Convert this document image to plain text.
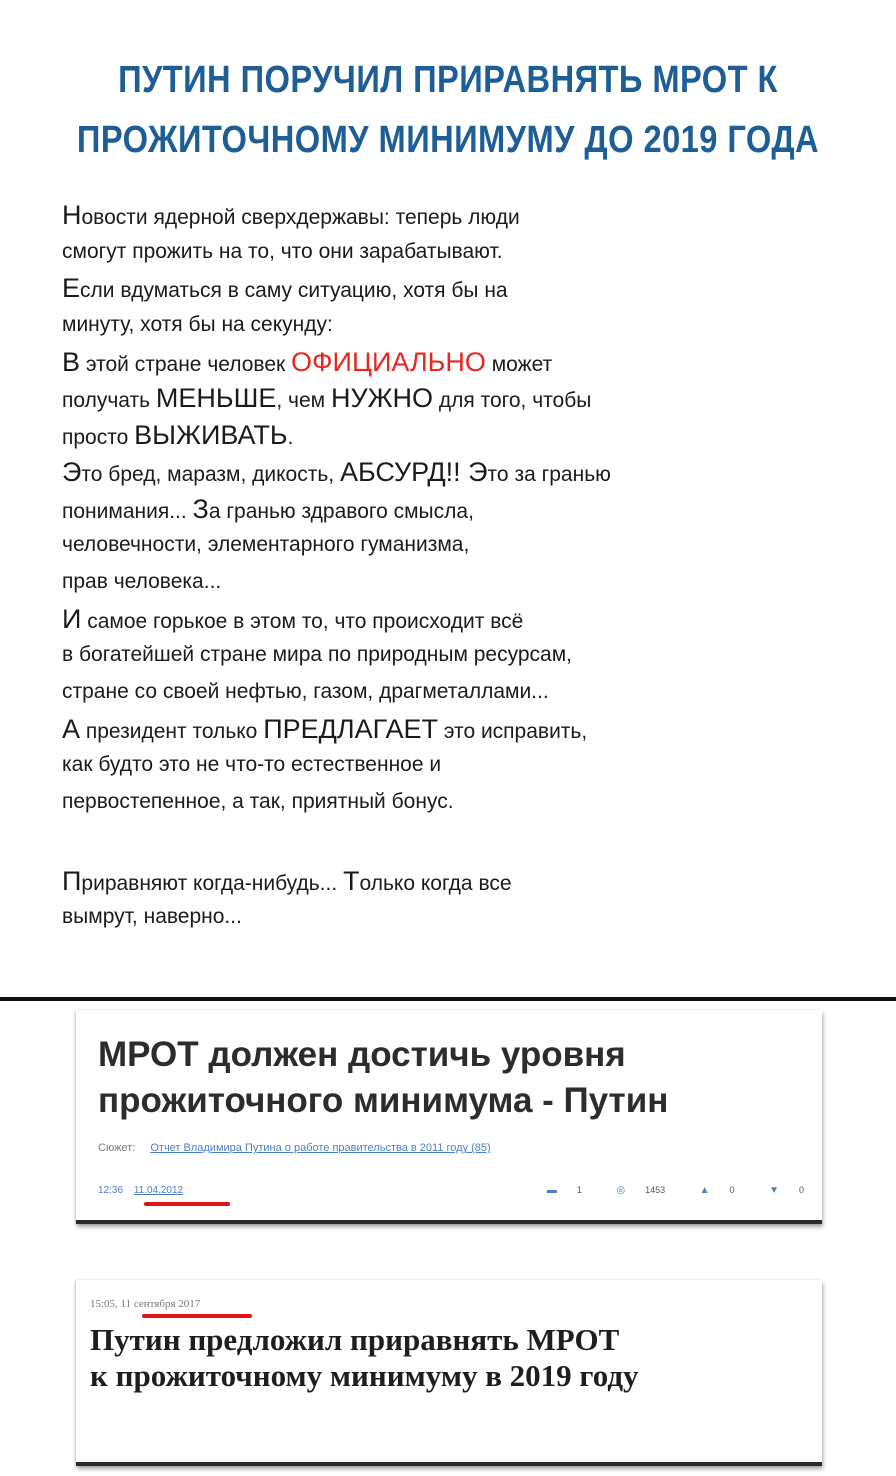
ПУТИН ПОРУЧИЛ ПРИРАВНЯТЬ МРОТ К
ПРОЖИТОЧНОМУ МИНИМУМУ ДО 2019 ГОДА
Новости ядерной сверхдержавы: теперь люди
смогут прожить на то, что они зарабатывают.
Если вдуматься в саму ситуацию, хотя бы на
минуту, хотя бы на секунду:
В этой стране человек ОФИЦИАЛЬНО может
получать МЕНЬШЕ, чем НУЖНО для того, чтобы
просто ВЫЖИВАТЬ.
Это бред, маразм, дикость, АБСУРД!! Это за гранью
понимания... За гранью здравого смысла,
человечности, элементарного гуманизма,
прав человека...
И самое горькое в этом то, что происходит всё
в богатейшей стране мира по природным ресурсам,
стране со своей нефтью, газом, драгметаллами...
А президент только ПРЕДЛАГАЕТ это исправить,
как будто это не что-то естественное и
первостепенное, а так, приятный бонус.
Приравняют когда-нибудь... Только когда все
вымрут, наверно...
МРОТ должен достичь уровня
прожиточного минимума - Путин
Сюжет: Отчет Владимира Путина о работе правительства в 2011 году (85)
12:36 11.04.2012	▬ 1	◎ 1453	▲ 0	▼ 0
15:05, 11 сентября 2017
Путин предложил приравнять МРОТ
к прожиточному минимуму в 2019 году
